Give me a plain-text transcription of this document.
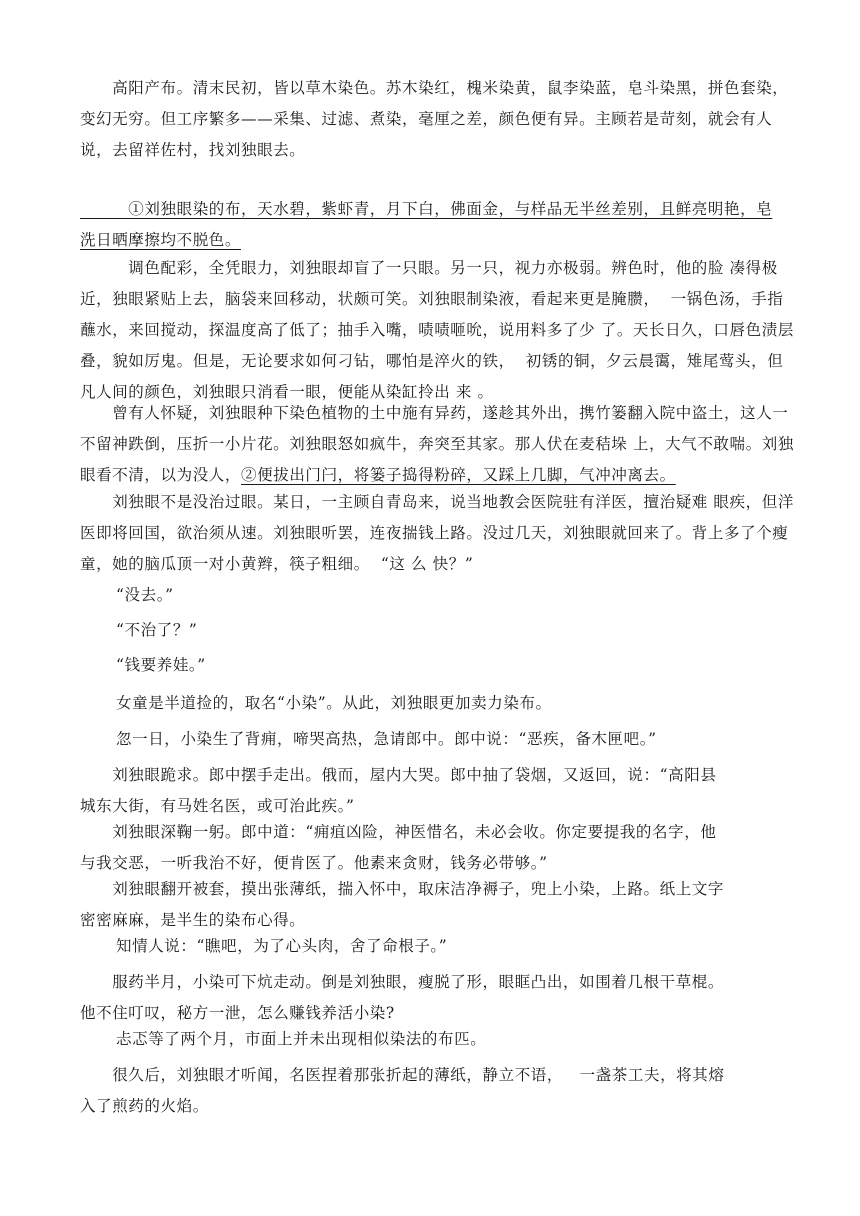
　　高阳产布。清末民初，皆以草木染色。苏木染红，槐米染黄，鼠李染蓝，皂斗染黑，拼色套染，变幻无穷。但工序繁多——采集、过滤、煮染，毫厘之差，颜色便有异。主顾若是苛刻，就会有人说，去留祥佐村，找刘独眼去。

　　　①刘独眼染的布，天水碧，紫虾青，月下白，佛面金，与样品无半丝差别，且鲜亮明艳，皂洗日晒摩擦均不脱色。

　　　调色配彩，全凭眼力，刘独眼却盲了一只眼。另一只，视力亦极弱。辨色时，他的脸 凑得极近，独眼紧贴上去，脑袋来回移动，状颇可笑。刘独眼制染液，看起来更是腌臜，  一锅色汤，手指蘸水，来回搅动，探温度高了低了；抽手入嘴，啧啧咂吮，说用料多了少 了。天长日久，口唇色渍层叠，貌如厉鬼。但是，无论要求如何刁钻，哪怕是淬火的铁，  初锈的铜，夕云晨霭，雉尾莺头，但凡人间的颜色，刘独眼只消看一眼，便能从染缸拎出 来 。

　　曾有人怀疑，刘独眼种下染色植物的土中施有异药，遂趁其外出，携竹篓翻入院中盗土，这人一不留神跌倒，压折一小片花。刘独眼怒如疯牛，奔突至其家。那人伏在麦秸垛 上，大气不敢喘。刘独眼看不清，以为没人，②便拔出门闩，将篓子捣得粉碎，又踩上几脚，气冲冲离去。

　　刘独眼不是没治过眼。某日，一主顾自青岛来，说当地教会医院驻有洋医，擅治疑难 眼疾，但洋医即将回国，欲治须从速。刘独眼听罢，连夜揣钱上路。没过几天，刘独眼就回来了。背上多了个瘦童，她的脑瓜顶一对小黄辫，筷子粗细。  “这 么 快？”

“没去。”

“不治了？”

“钱要养娃。”

女童是半道捡的，取名“小染”。从此，刘独眼更加卖力染布。

忽一日，小染生了背痈，啼哭高热，急请郎中。郎中说：“恶疾，备木匣吧。”

　　刘独眼跪求。郎中摆手走出。俄而，屋内大哭。郎中抽了袋烟，又返回，说：“高阳县城东大街，有马姓名医，或可治此疾。”

　　刘独眼深鞠一躬。郎中道：“痈疽凶险，神医惜名，未必会收。你定要提我的名字，他与我交恶，一听我治不好，便肯医了。他素来贪财，钱务必带够。”

　　刘独眼翻开被套，摸出张薄纸，揣入怀中，取床洁净褥子，兜上小染，上路。纸上文字密密麻麻，是半生的染布心得。

知情人说：“瞧吧，为了心头肉，舍了命根子。”

　　服药半月，小染可下炕走动。倒是刘独眼，瘦脱了形，眼眶凸出，如围着几根干草棍。他不住叮叹，秘方一泄，怎么赚钱养活小染?

忐忑等了两个月，市面上并未出现相似染法的布匹。

　　很久后，刘独眼才听闻，名医捏着那张折起的薄纸，静立不语，   一盏茶工夫，将其熔入了煎药的火焰。
